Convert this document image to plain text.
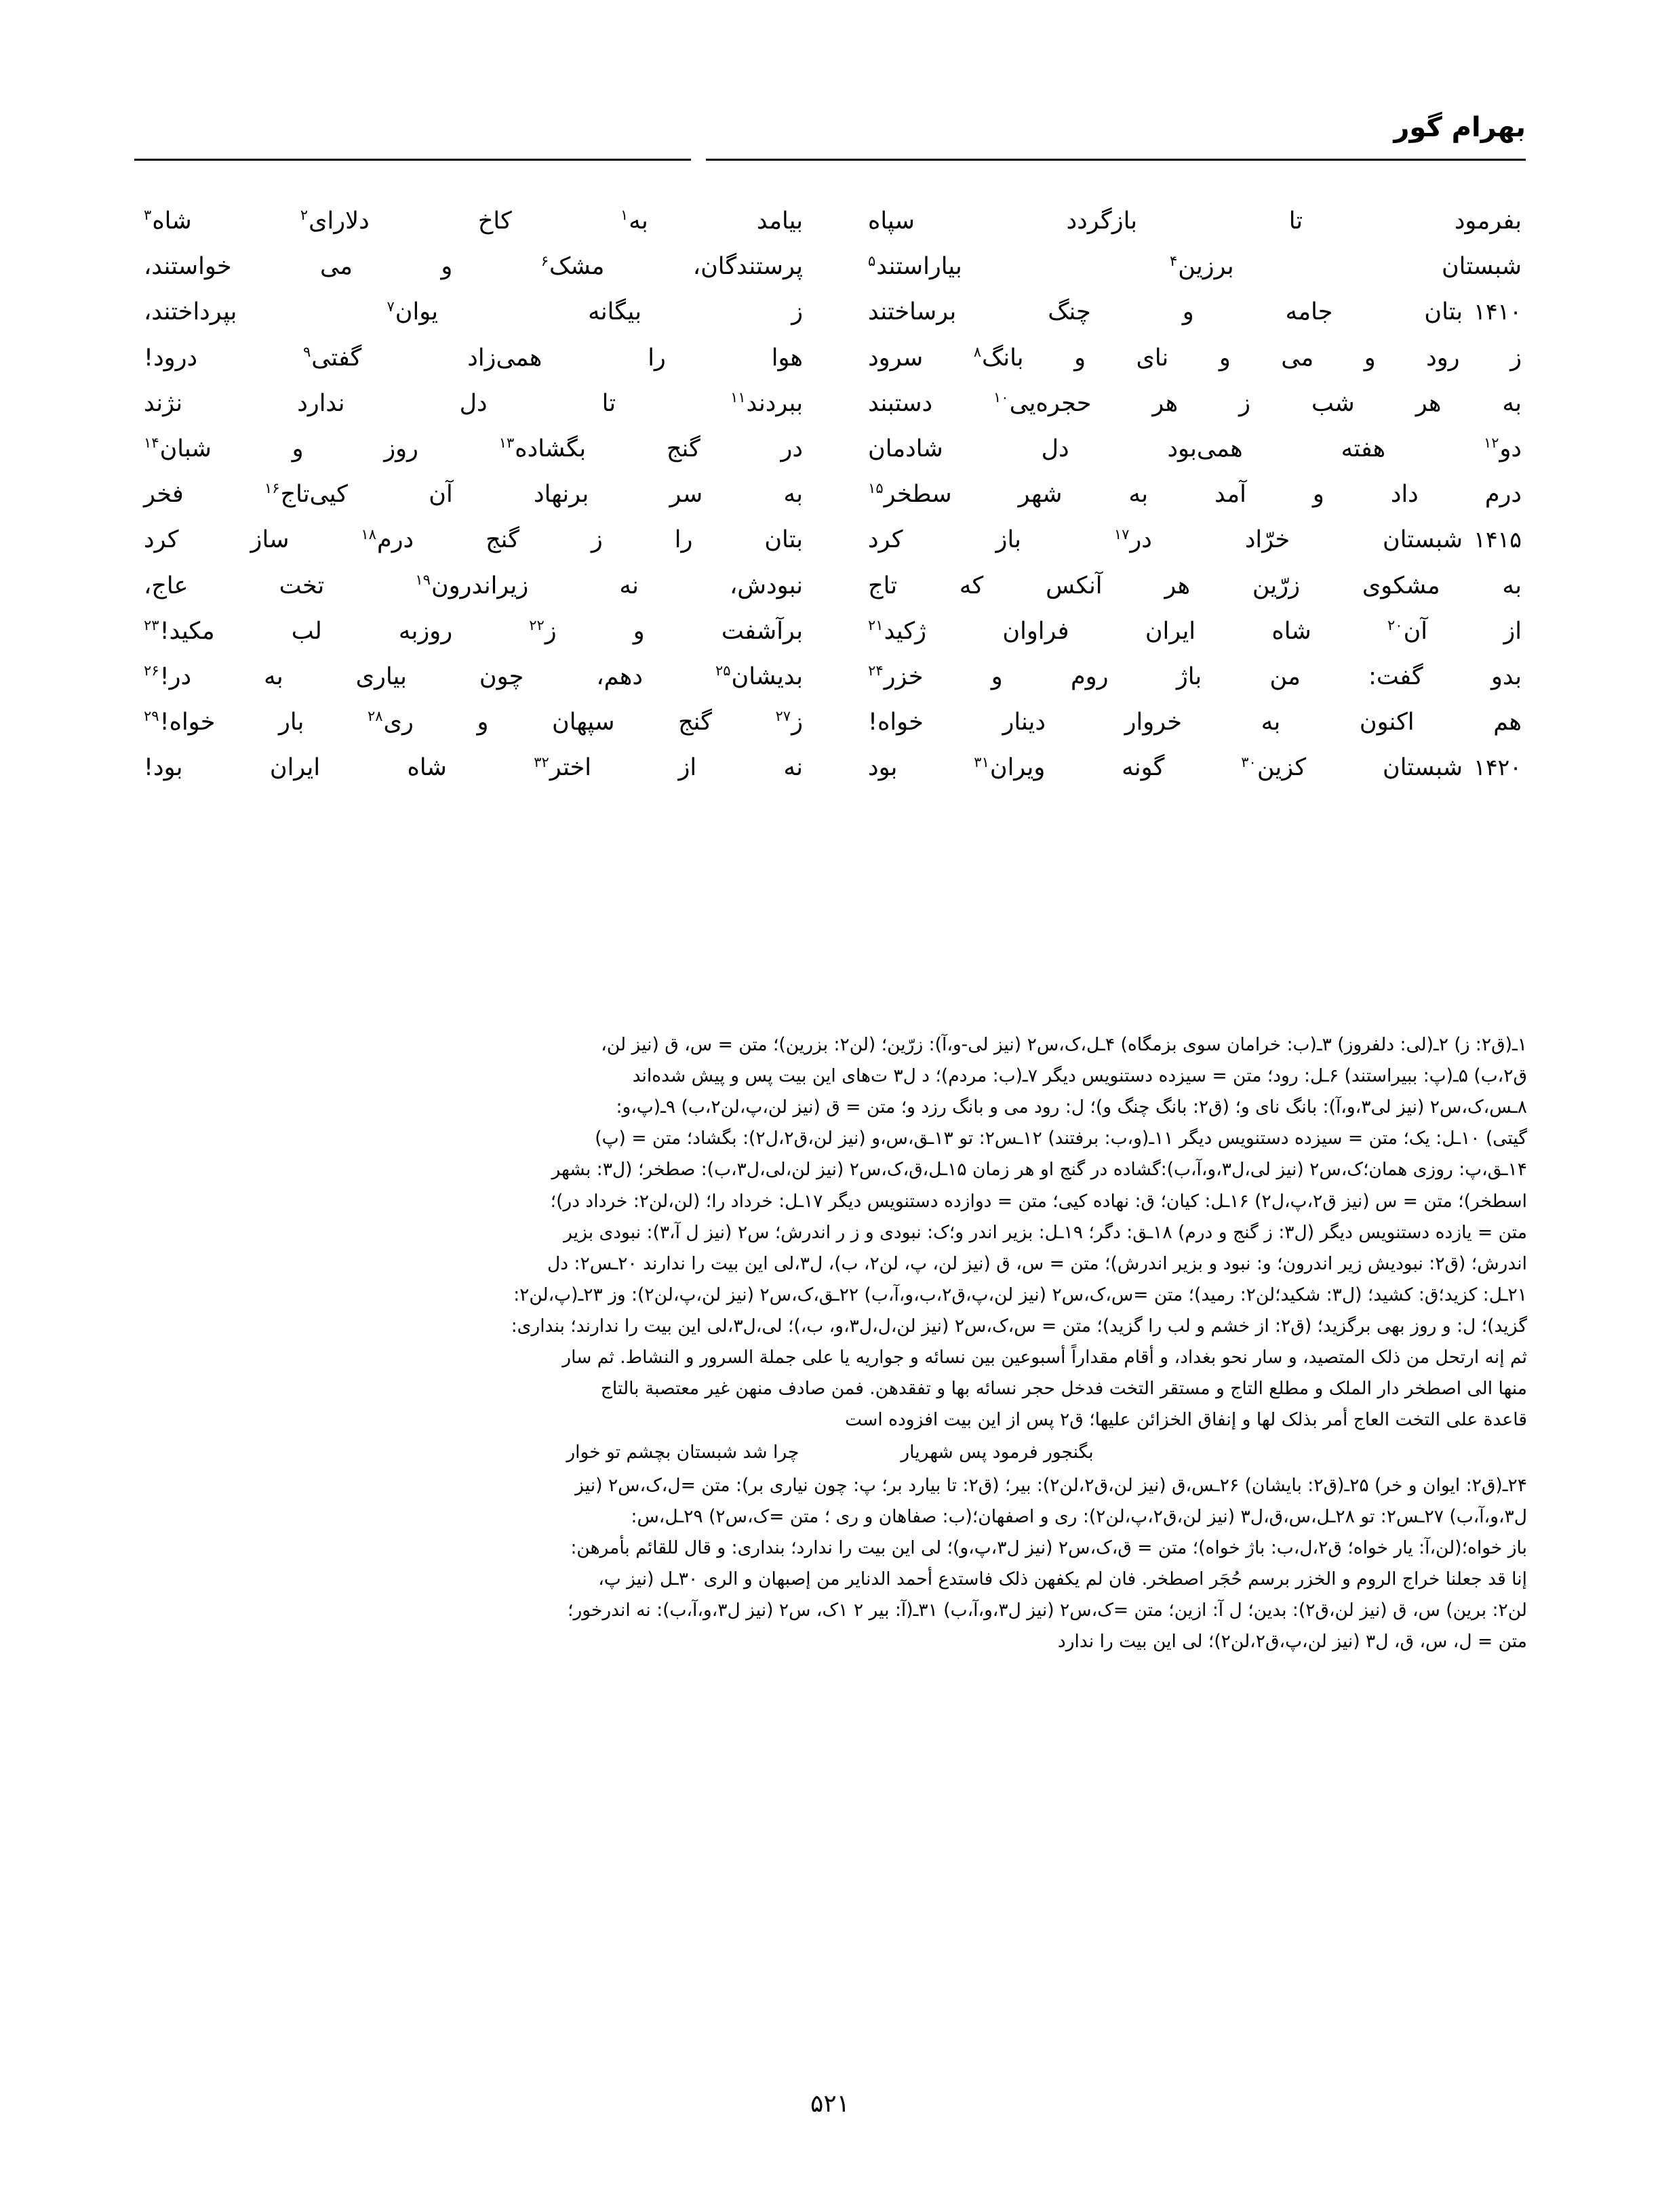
بهرام گور
بفرمود
تا
بازگردد
سپاه
بیامد
به$^۱$
کاخ
دلارای$^۲$
شاه$^۳$
شبستان
برزین$^۴$
بیاراستند$^۵$
پرستندگان،
مشک$^۶$
و
می
خواستند،
۱۴۱۰
بتان
جامه
و
چنگ
برساختند
ز
بیگانه
یوان$^۷$
بپرداختند،
ز
رود
و
می
و
نای
و
بانگ$^۸$
سرود
هوا
را
همی‌زاد
گفتی$^۹$
درود!
به
هر
شب
ز
هر
حجره‌یی$^{۱۰}$
دستبند
ببردند$^{۱۱}$
تا
دل
ندارد
نژند
دو$^{۱۲}$
هفته
همی‌بود
دل
شادمان
در
گنج
بگشاده$^{۱۳}$
روز
و
شبان$^{۱۴}$
درم
داد
و
آمد
به
شهر
سطخر$^{۱۵}$
به
سر
برنهاد
آن
کیی‌تاج$^{۱۶}$
فخر
۱۴۱۵
شبستان
خرّاد
در$^{۱۷}$
باز
کرد
بتان
را
ز
گنج
درم$^{۱۸}$
ساز
کرد
به
مشکوی
زرّین
هر
آنکس
که
تاج
نبودش،
نه
زیر‌اندرون$^{۱۹}$
تخت
عاج،
از
آن$^{۲۰}$
شاه
ایران
فراوان
ژکید$^{۲۱}$
برآشفت
و
ز$^{۲۲}$
روزبه
لب
مکید!$^{۲۳}$
بدو
گفت:
من
باژ
روم
و
خزر$^{۲۴}$
بدیشان$^{۲۵}$
دهم،
چون
بیاری
به
در!$^{۲۶}$
هم
اکنون
به
خروار
دینار
خواه!
ز$^{۲۷}$
گنج
سپهان
و
ری$^{۲۸}$
بار
خواه!$^{۲۹}$
۱۴۲۰
شبستان
کزین$^{۳۰}$
گونه
ویران$^{۳۱}$
بود
نه
از
اختر$^{۳۲}$
شاه
ایران
بود!

۱ـ(ق۲: ز) ۲ـ(لی: دلفروز) ۳ـ(ب: خرامان سوی بزمگاه) ۴ـل،ک،س۲ (نیز لی-و،آ): زرّین؛ (لن۲: بزرین)؛ متن = س، ق (نیز لن،

ق۲،ب) ۵ـ(پ: ببیراستند) ۶ـل: رود؛ متن = سیزده دستنویس دیگر ۷ـ(ب: مردم)؛ د ل۳ ‌ت‌های این بیت پس و پیش شده‌اند

۸ـس،ک،س۲ (نیز لی۳،و،آ): بانگ نای و؛ (ق۲: بانگ چنگ و)؛ ل: رود می و بانگ رزد و؛ متن = ق (نیز لن،پ،لن۲،ب) ۹ـ(پ،و:

گیتی) ۱۰ـل: یک؛ متن = سیزده دستنویس دیگر ۱۱ـ(و،ب: برفتند) ۱۲ـس۲: تو ۱۳ـق،س،و (نیز لن،ق۲،ل۲): بگشاد؛ متن = (پ)

۱۴ـق،پ: روزی همان؛ک،س۲ (نیز لی،ل۳،و،آ،ب):گشاده در گنج او هر زمان ۱۵ـل،ق،ک،س۲ (نیز لن،لی،ل۳،ب): صطخر؛ (ل۳: بشهر

اسطخر)؛ متن = س (نیز ق۲،پ،ل۲) ۱۶ـل: کیان؛ ق: نهاده کیی؛ متن = دوازده دستنویس دیگر ۱۷ـل: خرداد را؛ (لن،لن۲: خرداد در)؛

متن = یازده دستنویس دیگر (ل۳: ز گنج و درم) ۱۸ـق: دگر؛ ۱۹ـل: بزیر اندر و؛ک: نبودی و ز ر اندرش؛ س۲ (نیز ل آ،۳): نبودی بزیر

اندرش؛ (ق۲: نبودیش زیر اندرون؛ و: نبود و بزیر اندرش)؛ متن = س، ق (نیز لن، پ، لن۲، ب)، ل۳،لی این بیت را ندارند ۲۰ـس۲: دل

۲۱ـل: کزید؛ق: کشید؛ (ل۳: شکید؛لن۲: رمید)؛ متن =س،ک،س۲ (نیز لن،پ،ق۲،ب،و،آ،ب) ۲۲ـق،ک،س۲ (نیز لن،پ،لن۲): وز ۲۳ـ(پ،لن۲:

گزید)؛ ل: و روز بهی برگزید؛ (ق۲: از خشم و لب را گزید)؛ متن = س،ک،س۲ (نیز لن،ل،ل۳،و، ب،)؛ لی،ل۳،لی این بیت را ندارند؛ بنداری:

ثم إنه ارتحل من ذلک المتصید، و سار نحو بغداد، و أقام مقداراً أسبوعین بین نسائه و جواریه یا على جملة السرور و النشاط. ثم سار

منها الى اصطخر دار الملک و مطلع التاج و مستقر التخت فدخل حجر نسائه بها و تفقدهن. فمن صادف منهن غیر معتصبة بالتاج

قاعدة على التخت العاج أمر بذلک لها و إنفاق الخزائن علیها؛ ق۲ پس از این بیت افزوده است

بگنجور فرمود پس شهریار
چرا شد شبستان بچشم تو خوار

۲۴ـ(ق۲: ایوان و خر) ۲۵ـ(ق۲: بایشان) ۲۶ـس،ق (نیز لن،ق۲،لن۲): بیر؛ (ق۲: تا بیارد بر؛ پ: چون نیاری بر): متن =ل،ک،س۲ (نیز

ل۳،و،آ،ب) ۲۷ـس۲: تو ۲۸ـل،س،ق،ل۳ (نیز لن،ق۲،پ،لن۲): ری و اصفهان؛(ب: صفاهان و ری ؛ متن =ک،س۲) ۲۹ـل،س:

باز خواه؛(لن،آ: یار خواه؛ ق۲،ل،ب: باژ خواه)؛ متن = ق،ک،س۲ (نیز ل۳،پ،و)؛ لی این بیت را ندارد؛ بنداری: و قال للقائم بأمرهن:

إنا قد جعلنا خراج الروم و الخزر برسم حُجَر اصطخر. فان لم یکفهن ذلک فاستدع أحمد الدنایر من إصبهان و الرى ۳۰ـل (نیز پ،

لن۲: برین) س، ق (نیز لن،ق۲): بدین؛ ل آ: ازین؛ متن =ک،س۲ (نیز ل۳،و،آ،ب) ۳۱ـ(آ: بیر ۲ ۱‌ک، س۲ (نیز ل۳،و،آ،ب): نه اندرخور؛

متن = ل، س، ق، ل۳ (نیز لن،پ،ق۲،لن۲)؛ لی این بیت را ندارد

۵۲۱
